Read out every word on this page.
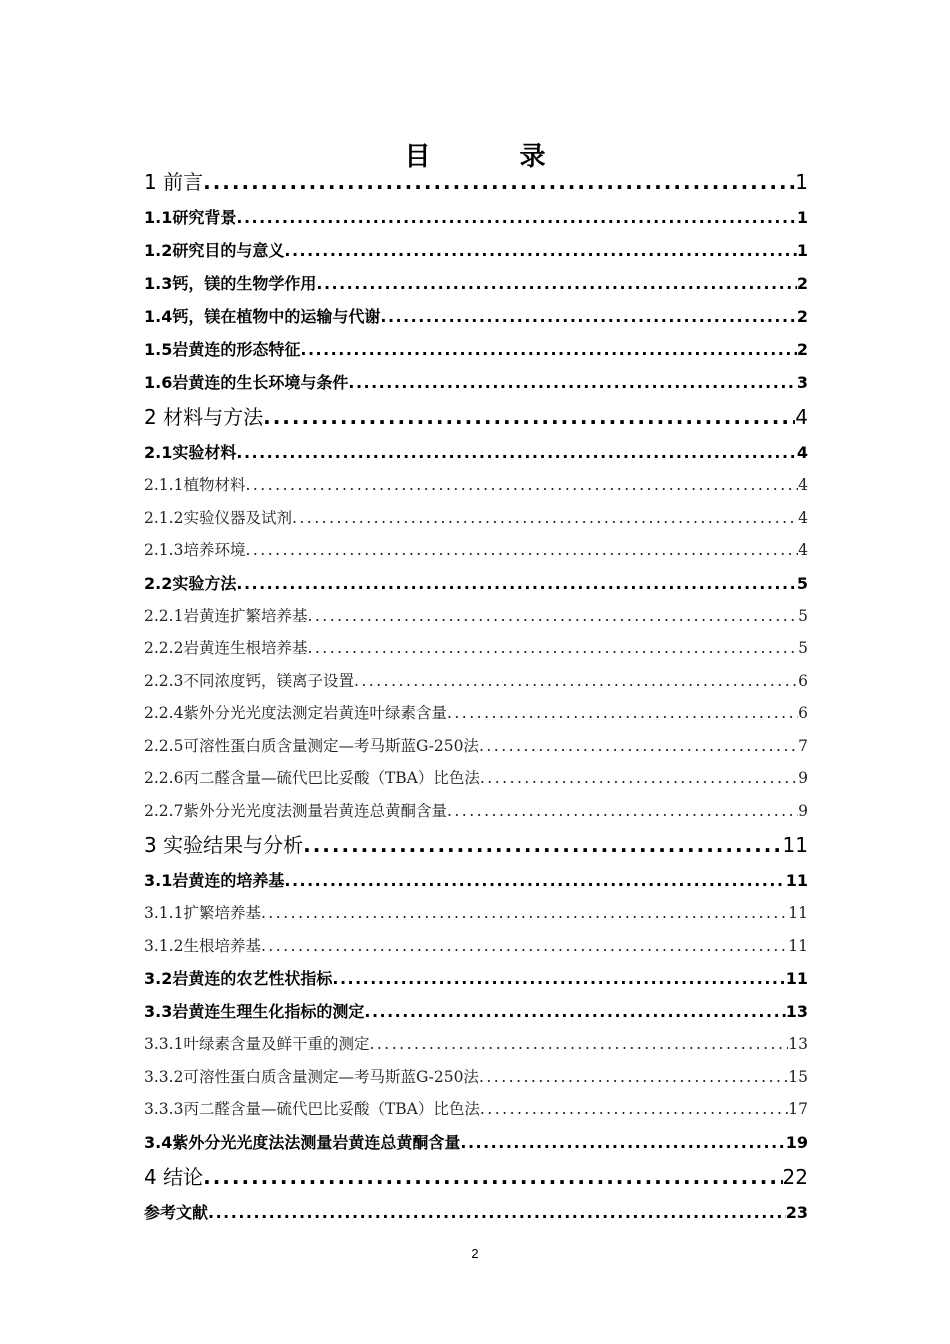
目 录
1 前言 .....	1
1.1研究背景 .....	1
1.2研究目的与意义 .....	1
1.3钙，镁的生物学作用 .....	2
1.4钙，镁在植物中的运输与代谢 .....	2
1.5岩黄连的形态特征 .....	2
1.6岩黄连的生长环境与条件 .....	3
2 材料与方法 .....	4
2.1实验材料 .....	4
2.1.1植物材料 .....	4
2.1.2实验仪器及试剂 .....	4
2.1.3培养环境 .....	4
2.2实验方法 .....	5
2.2.1岩黄连扩繁培养基 .....	5
2.2.2岩黄连生根培养基 .....	5
2.2.3不同浓度钙，镁离子设置 .....	6
2.2.4紫外分光光度法测定岩黄连叶绿素含量 .....	6
2.2.5可溶性蛋白质含量测定—考马斯蓝G-250法 .....	7
2.2.6丙二醛含量—硫代巴比妥酸（TBA）比色法 .....	9
2.2.7紫外分光光度法测量岩黄连总黄酮含量 .....	9
3 实验结果与分析 .....	11
3.1岩黄连的培养基 .....	11
3.1.1扩繁培养基 .....	11
3.1.2生根培养基 .....	11
3.2岩黄连的农艺性状指标 .....	11
3.3岩黄连生理生化指标的测定 .....	13
3.3.1叶绿素含量及鲜干重的测定 .....	13
3.3.2可溶性蛋白质含量测定—考马斯蓝G-250法 .....	15
3.3.3丙二醛含量—硫代巴比妥酸（TBA）比色法 .....	17
3.4紫外分光光度法法测量岩黄连总黄酮含量 .....	19
4 结论 .....	22
参考文献 .....	23
2
